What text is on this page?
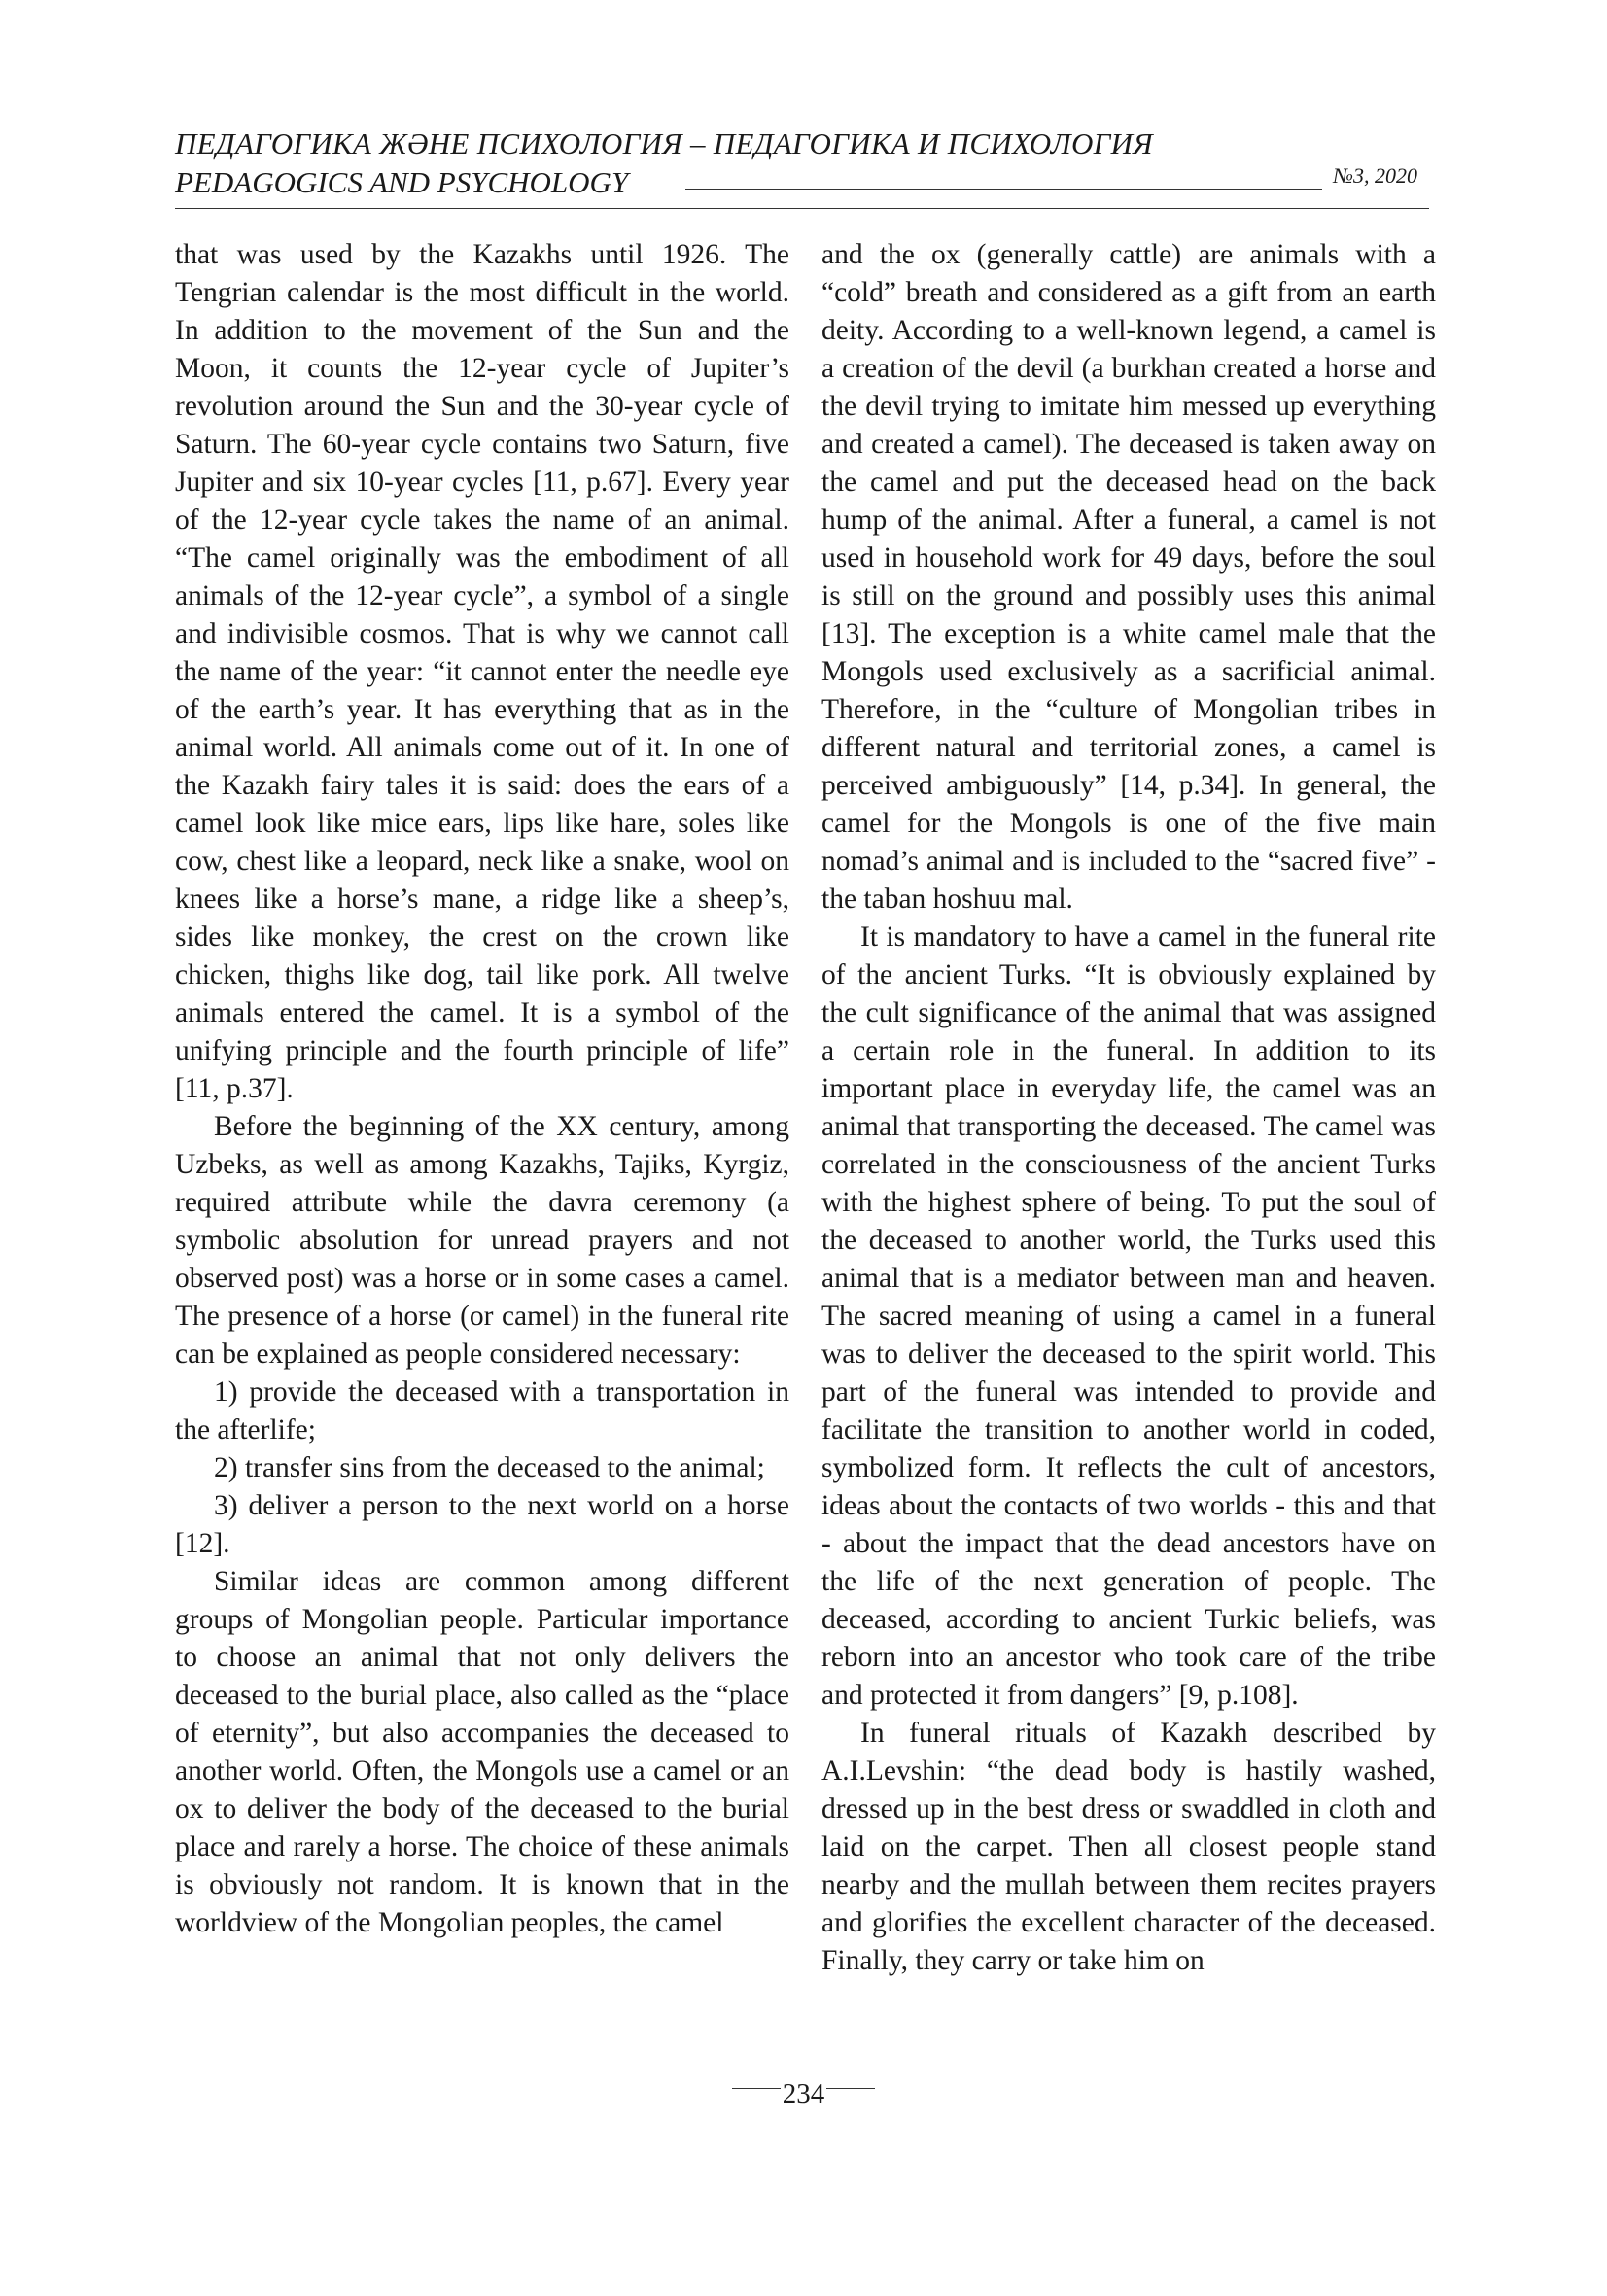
ПЕДАГОГИКА ЖӘНЕ ПСИХОЛОГИЯ – ПЕДАГОГИКА И ПСИХОЛОГИЯ
PEDAGOGICS AND PSYCHOLOGY	№3, 2020

that was used by the Kazakhs until 1926. The Tengrian calendar is the most difficult in the world. In addition to the movement of the Sun and the Moon, it counts the 12-year cycle of Jupiter’s revolution around the Sun and the 30-year cycle of Saturn. The 60-year cycle contains two Saturn, five Jupiter and six 10-year cycles [11, p.67]. Every year of the 12-year cycle takes the name of an animal. “The camel originally was the embodiment of all animals of the 12-year cycle”, a symbol of a single and indivisible cosmos. That is why we cannot call the name of the year: “it cannot enter the needle eye of the earth’s year. It has everything that as in the animal world. All animals come out of it. In one of the Kazakh fairy tales it is said: does the ears of a camel look like mice ears, lips like hare, soles like cow, chest like a leopard, neck like a snake, wool on knees like a horse’s mane, a ridge like a sheep’s, sides like monkey, the crest on the crown like chicken, thighs like dog, tail like pork. All twelve animals entered the camel. It is a symbol of the unifying principle and the fourth principle of life” [11, p.37].

Before the beginning of the XX century, among Uzbeks, as well as among Kazakhs, Tajiks, Kyrgiz, required attribute while the davra ceremony (a symbolic absolution for unread prayers and not observed post) was a horse or in some cases a camel. The presence of a horse (or camel) in the funeral rite can be explained as people considered necessary:

1) provide the deceased with a transportation in the afterlife;

2) transfer sins from the deceased to the animal;

3) deliver a person to the next world on a horse [12].

Similar ideas are common among different groups of Mongolian people. Particular importance to choose an animal that not only delivers the deceased to the burial place, also called as the “place of eternity”, but also accompanies the deceased to another world. Often, the Mongols use a camel or an ox to deliver the body of the deceased to the burial place and rarely a horse. The choice of these animals is obviously not random. It is known that in the worldview of the Mongolian peoples, the camel

and the ox (generally cattle) are animals with a “cold” breath and considered as a gift from an earth deity. According to a well-known legend, a camel is a creation of the devil (a burkhan created a horse and the devil trying to imitate him messed up everything and created a camel). The deceased is taken away on the camel and put the deceased head on the back hump of the animal. After a funeral, a camel is not used in household work for 49 days, before the soul is still on the ground and possibly uses this animal [13]. The exception is a white camel male that the Mongols used exclusively as a sacrificial animal. Therefore, in the “culture of Mongolian tribes in different natural and territorial zones, a camel is perceived ambiguously” [14, p.34]. In general, the camel for the Mongols is one of the five main nomad’s animal and is included to the “sacred five” - the taban hoshuu mal.

It is mandatory to have a camel in the funeral rite of the ancient Turks. “It is obviously explained by the cult significance of the animal that was assigned a certain role in the funeral. In addition to its important place in everyday life, the camel was an animal that transporting the deceased. The camel was correlated in the consciousness of the ancient Turks with the highest sphere of being. To put the soul of the deceased to another world, the Turks used this animal that is a mediator between man and heaven. The sacred meaning of using a camel in a funeral was to deliver the deceased to the spirit world. This part of the funeral was intended to provide and facilitate the transition to another world in coded, symbolized form. It reflects the cult of ancestors, ideas about the contacts of two worlds - this and that - about the impact that the dead ancestors have on the life of the next generation of people. The deceased, according to ancient Turkic beliefs, was reborn into an ancestor who took care of the tribe and protected it from dangers” [9, p.108].

In funeral rituals of Kazakh described by A.I.Levshin: “the dead body is hastily washed, dressed up in the best dress or swaddled in cloth and laid on the carpet. Then all closest people stand nearby and the mullah between them recites prayers and glorifies the excellent character of the deceased. Finally, they carry or take him on

234
